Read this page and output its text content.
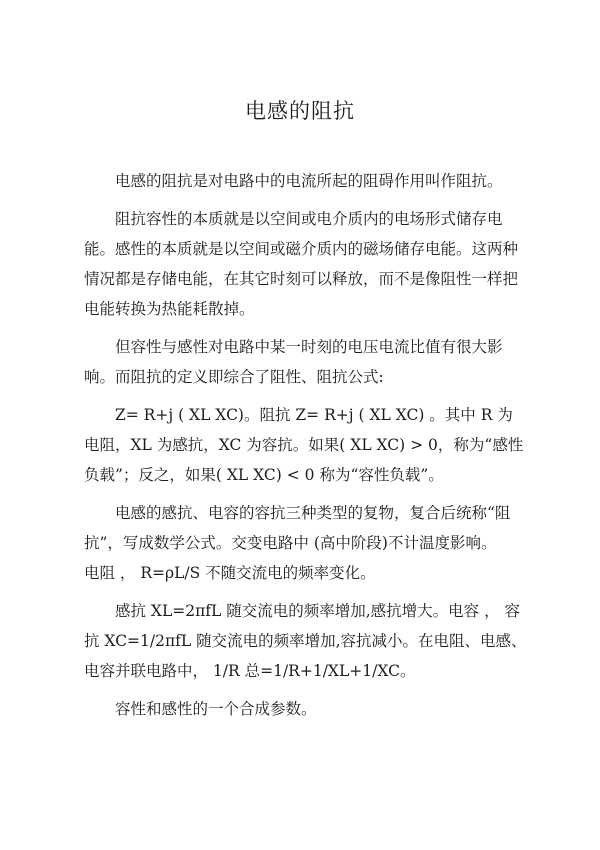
电感的阻抗
电感的阻抗是对电路中的电流所起的阻碍作用叫作阻抗。
阻抗容性的本质就是以空间或电介质内的电场形式储存电
能。感性的本质就是以空间或磁介质内的磁场储存电能。这两种
情况都是存储电能，在其它时刻可以释放，而不是像阻性一样把
电能转换为热能耗散掉。
但容性与感性对电路中某一时刻的电压电流比值有很大影
响。而阻抗的定义即综合了阻性、阻抗公式:
Z= R+j ( XL XC)。阻抗 Z= R+j ( XL XC) 。其中 R 为
电阻，XL 为感抗，XC 为容抗。如果( XL XC) > 0，称为“感性
负载”；反之，如果( XL XC) < 0 称为“容性负载”。
电感的感抗、电容的容抗三种类型的复物，复合后统称“阻
抗”，写成数学公式。交变电路中 (高中阶段)不计温度影响。
电阻 ， R=ρL/S 不随交流电的频率变化。
感抗 XL=2πfL 随交流电的频率增加,感抗增大。电容 ， 容
抗 XC=1/2πfL 随交流电的频率增加,容抗减小。在电阻、电感、
电容并联电路中， 1/R 总=1/R+1/XL+1/XC。
容性和感性的一个合成参数。
